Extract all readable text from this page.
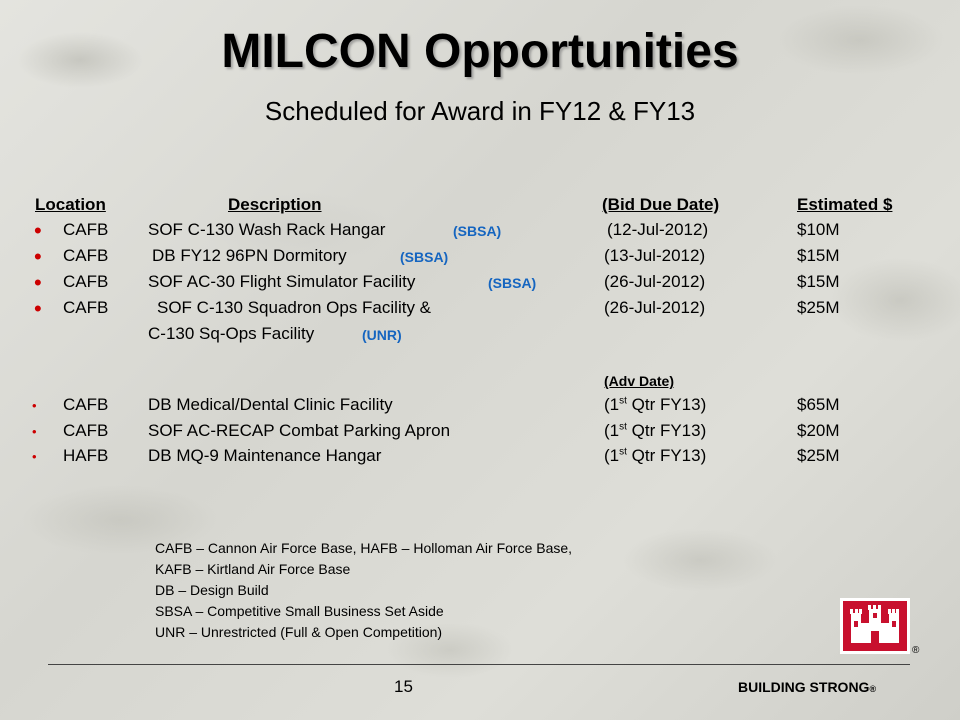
MILCON Opportunities
Scheduled for Award in FY12 & FY13
Location	Description	(Bid Due Date)	Estimated $
• CAFB SOF C-130 Wash Rack Hangar	(SBSA)	(12-Jul-2012)	$10M
• CAFB	DB FY12 96PN Dormitory	(SBSA)	(13-Jul-2012)	$15M
• CAFB SOF AC-30 Flight Simulator Facility	(SBSA)	(26-Jul-2012)	$15M
• CAFB	SOF C-130 Squadron Ops Facility &	(26-Jul-2012)	$25M
C-130 Sq-Ops Facility	(UNR)
(Adv Date)
• CAFB DB Medical/Dental Clinic Facility	(1st Qtr FY13)	$65M
• CAFB SOF AC-RECAP Combat Parking Apron	(1st Qtr FY13)	$20M
• HAFB DB MQ-9 Maintenance Hangar	(1st Qtr FY13)	$25M
CAFB – Cannon Air Force Base, HAFB – Holloman Air Force Base,
KAFB – Kirtland Air Force Base
DB – Design Build
SBSA – Competitive Small Business Set Aside
UNR – Unrestricted (Full & Open Competition)
®
15	BUILDING STRONG®
